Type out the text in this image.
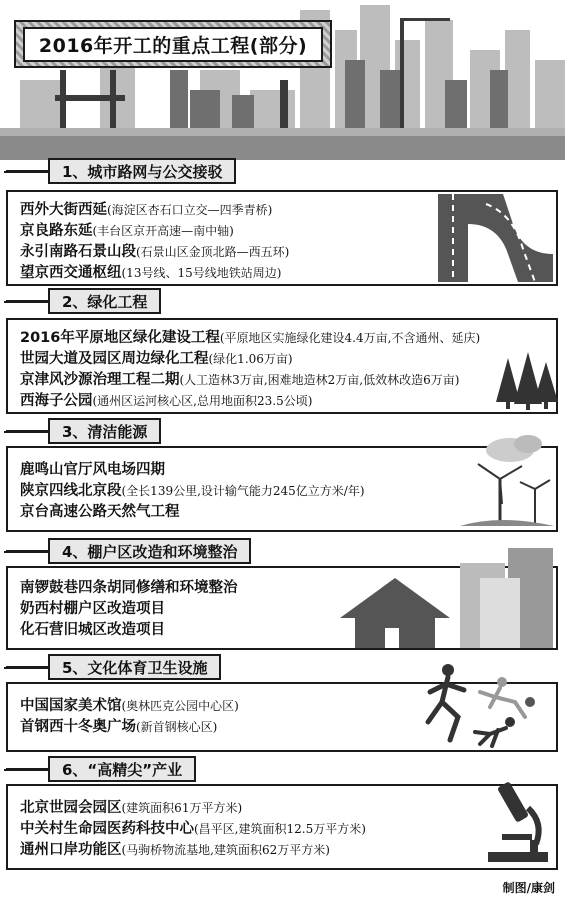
2016年开工的重点工程(部分)
1、城市路网与公交接驳
西外大街西延(海淀区杏石口立交—四季青桥)
京良路东延(丰台区京开高速—南中轴)
永引南路石景山段(石景山区金顶北路—西五环)
望京西交通枢纽(13号线、15号线地铁站周边)
2、绿化工程
2016年平原地区绿化建设工程(平原地区实施绿化建设4.4万亩,不含通州、延庆)
世园大道及园区周边绿化工程(绿化1.06万亩)
京津风沙源治理工程二期(人工造林3万亩,困难地造林2万亩,低效林改造6万亩)
西海子公园(通州区运河核心区,总用地面积23.5公顷)
3、清洁能源
鹿鸣山官厅风电场四期
陕京四线北京段(全长139公里,设计输气能力245亿立方米/年)
京台高速公路天然气工程
4、棚户区改造和环境整治
南锣鼓巷四条胡同修缮和环境整治
奶西村棚户区改造项目
化石营旧城区改造项目
5、文化体育卫生设施
中国国家美术馆(奥林匹克公园中心区)
首钢西十冬奥广场(新首钢核心区)
6、“高精尖”产业
北京世园会园区(建筑面积61万平方米)
中关村生命园医药科技中心(昌平区,建筑面积12.5万平方米)
通州口岸功能区(马驹桥物流基地,建筑面积62万平方米)
制图/康剑
